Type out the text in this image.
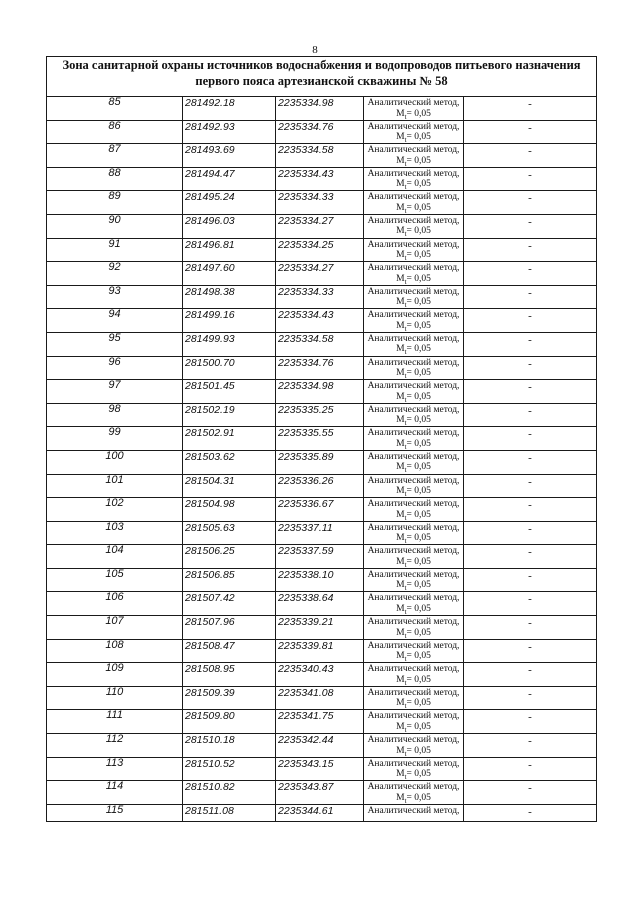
8
Зона санитарной охраны источников водоснабжения и водопроводов питьевого назначения первого пояса артезианской скважины № 58				
85	281492.18	2235334.98	Аналитический метод,
$M_t= 0,05$	-
86	281492.93	2235334.76	Аналитический метод,
$M_t= 0,05$	-
87	281493.69	2235334.58	Аналитический метод,
$M_t= 0,05$	-
88	281494.47	2235334.43	Аналитический метод,
$M_t= 0,05$	-
89	281495.24	2235334.33	Аналитический метод,
$M_t= 0,05$	-
90	281496.03	2235334.27	Аналитический метод,
$M_t= 0,05$	-
91	281496.81	2235334.25	Аналитический метод,
$M_t= 0,05$	-
92	281497.60	2235334.27	Аналитический метод,
$M_t= 0,05$	-
93	281498.38	2235334.33	Аналитический метод,
$M_t= 0,05$	-
94	281499.16	2235334.43	Аналитический метод,
$M_t= 0,05$	-
95	281499.93	2235334.58	Аналитический метод,
$M_t= 0,05$	-
96	281500.70	2235334.76	Аналитический метод,
$M_t= 0,05$	-
97	281501.45	2235334.98	Аналитический метод,
$M_t= 0,05$	-
98	281502.19	2235335.25	Аналитический метод,
$M_t= 0,05$	-
99	281502.91	2235335.55	Аналитический метод,
$M_t= 0,05$	-
100	281503.62	2235335.89	Аналитический метод,
$M_t= 0,05$	-
101	281504.31	2235336.26	Аналитический метод,
$M_t= 0,05$	-
102	281504.98	2235336.67	Аналитический метод,
$M_t= 0,05$	-
103	281505.63	2235337.11	Аналитический метод,
$M_t= 0,05$	-
104	281506.25	2235337.59	Аналитический метод,
$M_t= 0,05$	-
105	281506.85	2235338.10	Аналитический метод,
$M_t= 0,05$	-
106	281507.42	2235338.64	Аналитический метод,
$M_t= 0,05$	-
107	281507.96	2235339.21	Аналитический метод,
$M_t= 0,05$	-
108	281508.47	2235339.81	Аналитический метод,
$M_t= 0,05$	-
109	281508.95	2235340.43	Аналитический метод,
$M_t= 0,05$	-
110	281509.39	2235341.08	Аналитический метод,
$M_t= 0,05$	-
111	281509.80	2235341.75	Аналитический метод,
$M_t= 0,05$	-
112	281510.18	2235342.44	Аналитический метод,
$M_t= 0,05$	-
113	281510.52	2235343.15	Аналитический метод,
$M_t= 0,05$	-
114	281510.82	2235343.87	Аналитический метод,
$M_t= 0,05$	-
115	281511.08	2235344.61	Аналитический метод,	-
